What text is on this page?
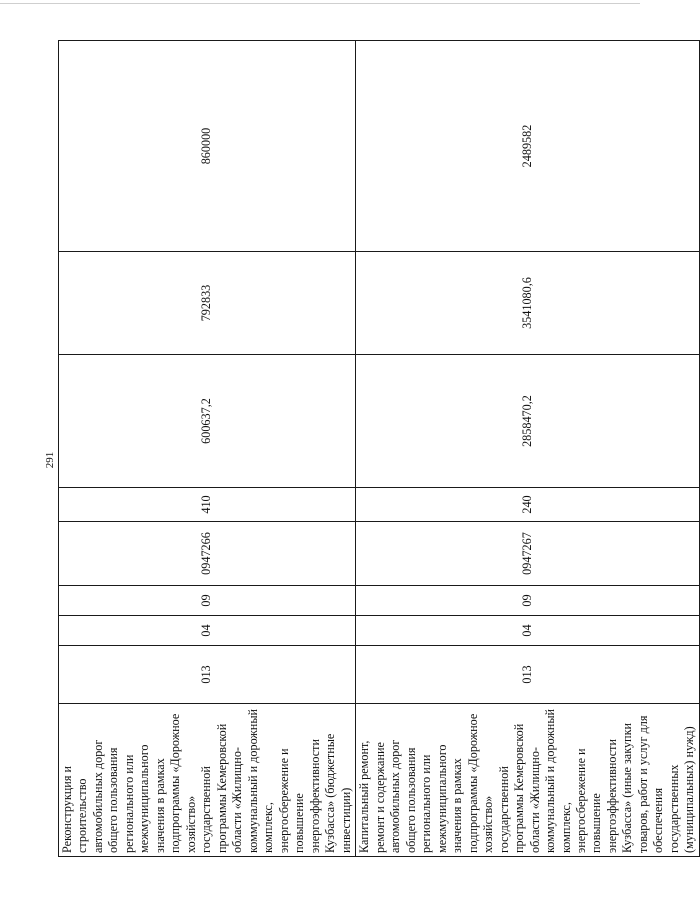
291
Реконструкция и строительство автомобильных дорог общего пользования регионального или межмуниципального значения в рамках подпрограммы «Дорожное хозяйство» государственной программы Кемеровской области «Жилищно-коммунальный и дорожный комплекс, энергосбережение и повышение энергоэффективности Кузбасса» (бюджетные инвестиции)	013	04	09	0947266	410	600637,2	792833	860000
Капитальный ремонт, ремонт и содержание автомобильных дорог общего пользования регионального или межмуниципального значения в рамках подпрограммы «Дорожное хозяйство» государственной программы Кемеровской области «Жилищно-коммунальный и дорожный комплекс, энергосбережение и повышение энергоэффективности Кузбасса» (иные закупки товаров, работ и услуг для обеспечения государственных (муниципальных) нужд)	013	04	09	0947267	240	2858470,2	3541080,6	2489582
